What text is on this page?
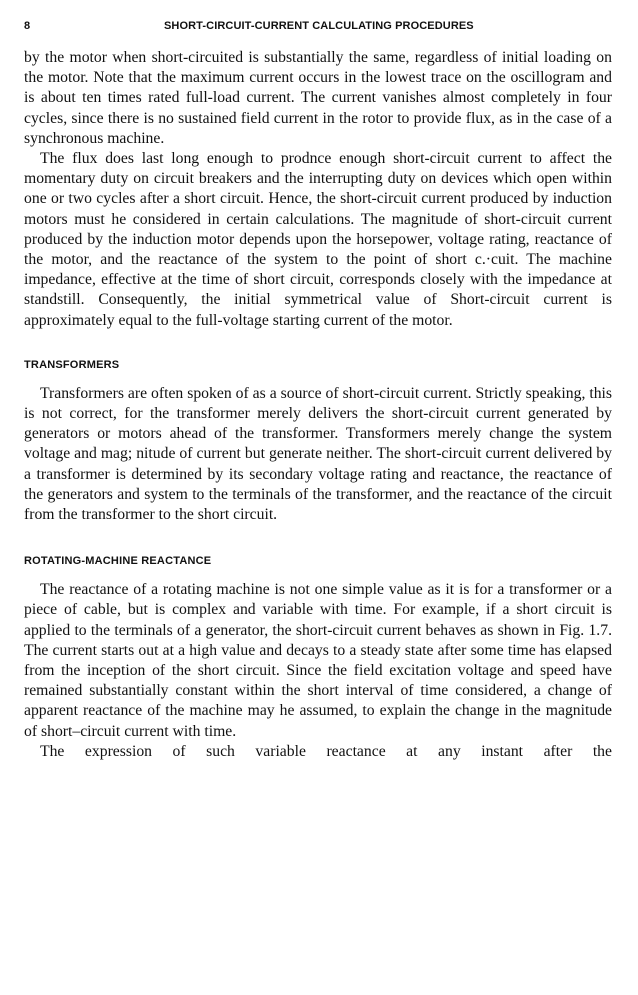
8	SHORT-CIRCUIT-CURRENT CALCULATING PROCEDURES

by the motor when short-circuited is substantially the same, regardless of initial loading on the motor. Note that the maximum current occurs in the lowest trace on the oscillogram and is about ten times rated full-load current. The current vanishes almost completely in four cycles, since there is no sustained field current in the rotor to provide flux, as in the case of a synchronous machine.

The flux does last long enough to prodnce enough short-circuit current to affect the momentary duty on circuit breakers and the interrupting duty on devices which open within one or two cycles after a short circuit. Hence, the short-circuit current produced by induction motors must he considered in certain calculations. The magnitude of short-circuit current produced by the induction motor depends upon the horsepower, voltage rating, reactance of the motor, and the reactance of the system to the point of short c.·cuit. The machine impedance, effective at the time of short circuit, corresponds closely with the impedance at standstill. Consequently, the initial symmetrical value of Short-circuit current is approximately equal to the full-voltage starting current of the motor.

TRANSFORMERS

Transformers are often spoken of as a source of short-circuit current. Strictly speaking, this is not correct, for the transformer merely delivers the short-circuit current generated by generators or motors ahead of the transformer. Transformers merely change the system voltage and mag; nitude of current but generate neither. The short-circuit current delivered by a transformer is determined by its secondary voltage rating and reactance, the reactance of the generators and system to the terminals of the transformer, and the reactance of the circuit from the transformer to the short circuit.

ROTATING-MACHINE REACTANCE

The reactance of a rotating machine is not one simple value as it is for a transformer or a piece of cable, but is complex and variable with time. For example, if a short circuit is applied to the terminals of a generator, the short-circuit current behaves as shown in Fig. 1.7. The current starts out at a high value and decays to a steady state after some time has elapsed from the inception of the short circuit. Since the field excitation voltage and speed have remained substantially constant within the short interval of time considered, a change of apparent reactance of the machine may he assumed, to explain the change in the magnitude of short–circuit current with time.

The expression of such variable reactance at any instant after the
